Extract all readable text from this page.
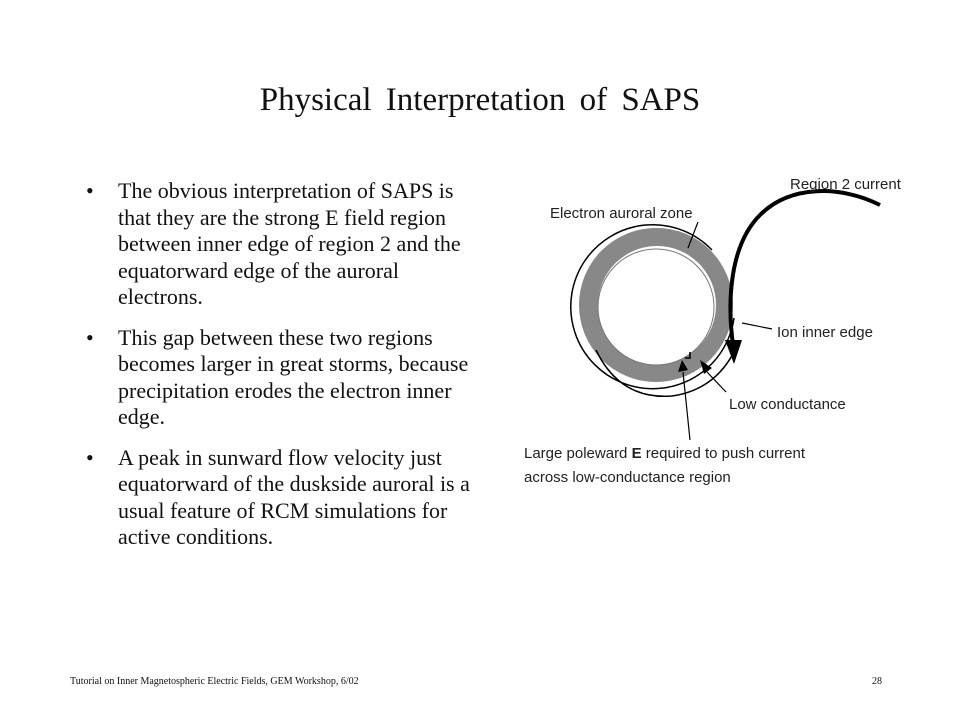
Physical Interpretation of SAPS
• The obvious interpretation of SAPS is that they are the strong E field region between inner edge of region 2 and the equatorward edge of the auroral electrons.
• This gap between these two regions becomes larger in great storms, because precipitation erodes the electron inner edge.
• A peak in sunward flow velocity just equatorward of the duskside auroral is a usual feature of RCM simulations for active conditions.
Region 2 current
Electron auroral zone
Ion inner edge
Low conductance
Large poleward E required to push current
across low-conductance region
Tutorial on Inner Magnetospheric Electric Fields, GEM Workshop, 6/02	28
